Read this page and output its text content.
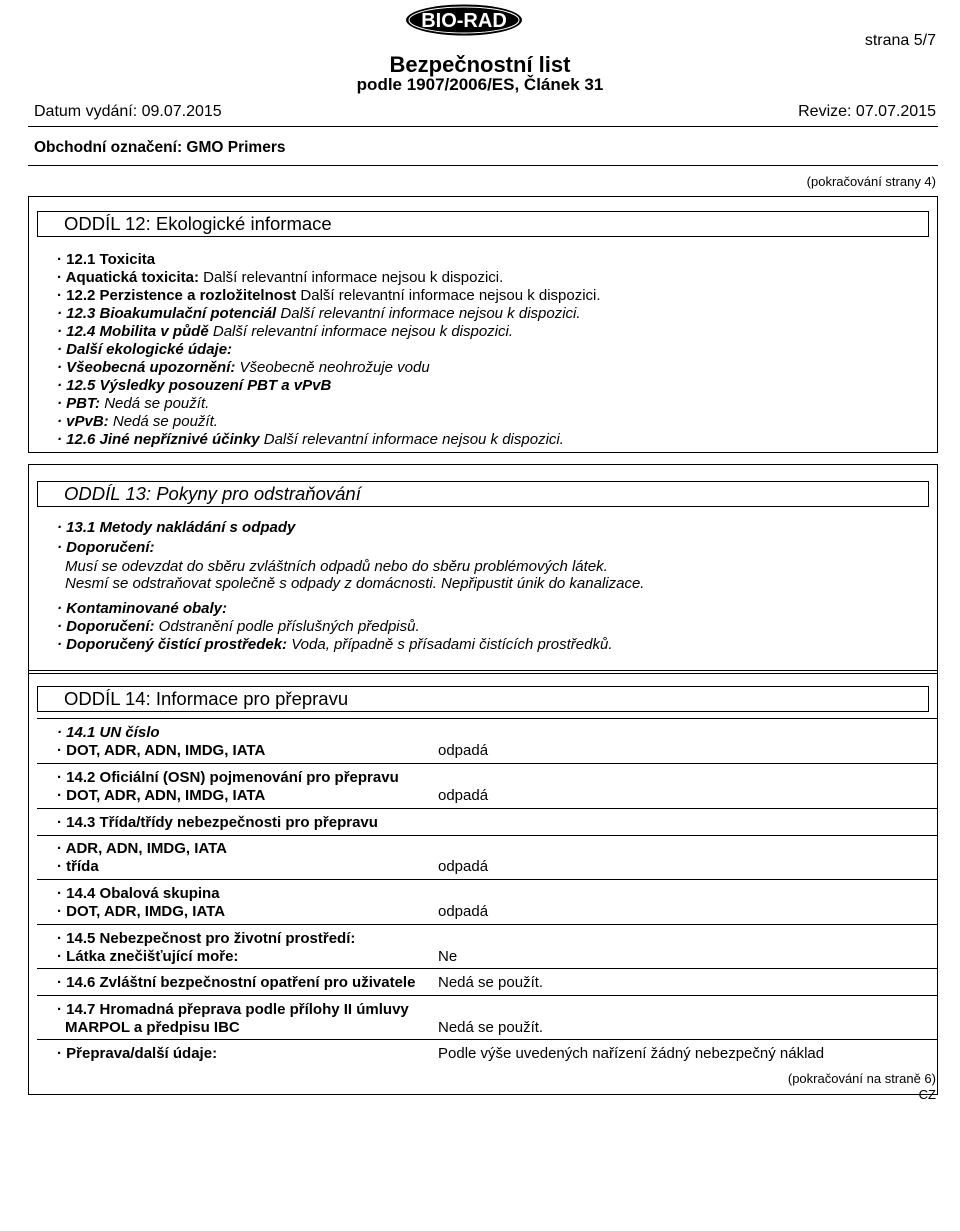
BIO-RAD
strana 5/7
Bezpečnostní list
podle 1907/2006/ES, Článek 31
Datum vydání: 09.07.2015	Revize: 07.07.2015
Obchodní označení: GMO Primers
(pokračování strany 4)
ODDÍL 12: Ekologické informace
· 12.1 Toxicita
· Aquatická toxicita: Další relevantní informace nejsou k dispozici.
· 12.2 Perzistence a rozložitelnost Další relevantní informace nejsou k dispozici.
· 12.3 Bioakumulační potenciál Další relevantní informace nejsou k dispozici.
· 12.4 Mobilita v půdě Další relevantní informace nejsou k dispozici.
· Další ekologické údaje:
· Všeobecná upozornění: Všeobecně neohrožuje vodu
· 12.5 Výsledky posouzení PBT a vPvB
· PBT: Nedá se použít.
· vPvB: Nedá se použít.
· 12.6 Jiné nepříznivé účinky Další relevantní informace nejsou k dispozici.
ODDÍL 13: Pokyny pro odstraňování
· 13.1 Metody nakládání s odpady
· Doporučení:
Musí se odevzdat do sběru zvláštních odpadů nebo do sběru problémových látek.
Nesmí se odstraňovat společně s odpady z domácnosti. Nepřipustit únik do kanalizace.
· Kontaminované obaly:
· Doporučení: Odstranění podle příslušných předpisů.
· Doporučený čistící prostředek: Voda, případně s přísadami čistících prostředků.
ODDÍL 14: Informace pro přepravu
· 14.1 UN číslo
· DOT, ADR, ADN, IMDG, IATA	odpadá
· 14.2 Oficiální (OSN) pojmenování pro přepravu
· DOT, ADR, ADN, IMDG, IATA	odpadá
· 14.3 Třída/třídy nebezpečnosti pro přepravu
· ADR, ADN, IMDG, IATA
· třída	odpadá
· 14.4 Obalová skupina
· DOT, ADR, IMDG, IATA	odpadá
· 14.5 Nebezpečnost pro životní prostředí:
· Látka znečišťující moře:	Ne
· 14.6 Zvláštní bezpečnostní opatření pro uživatele Nedá se použít.
· 14.7 Hromadná přeprava podle přílohy II úmluvy
MARPOL a předpisu IBC	Nedá se použít.
· Přeprava/další údaje:	Podle výše uvedených nařízení žádný nebezpečný náklad
(pokračování na straně 6)
CZ
